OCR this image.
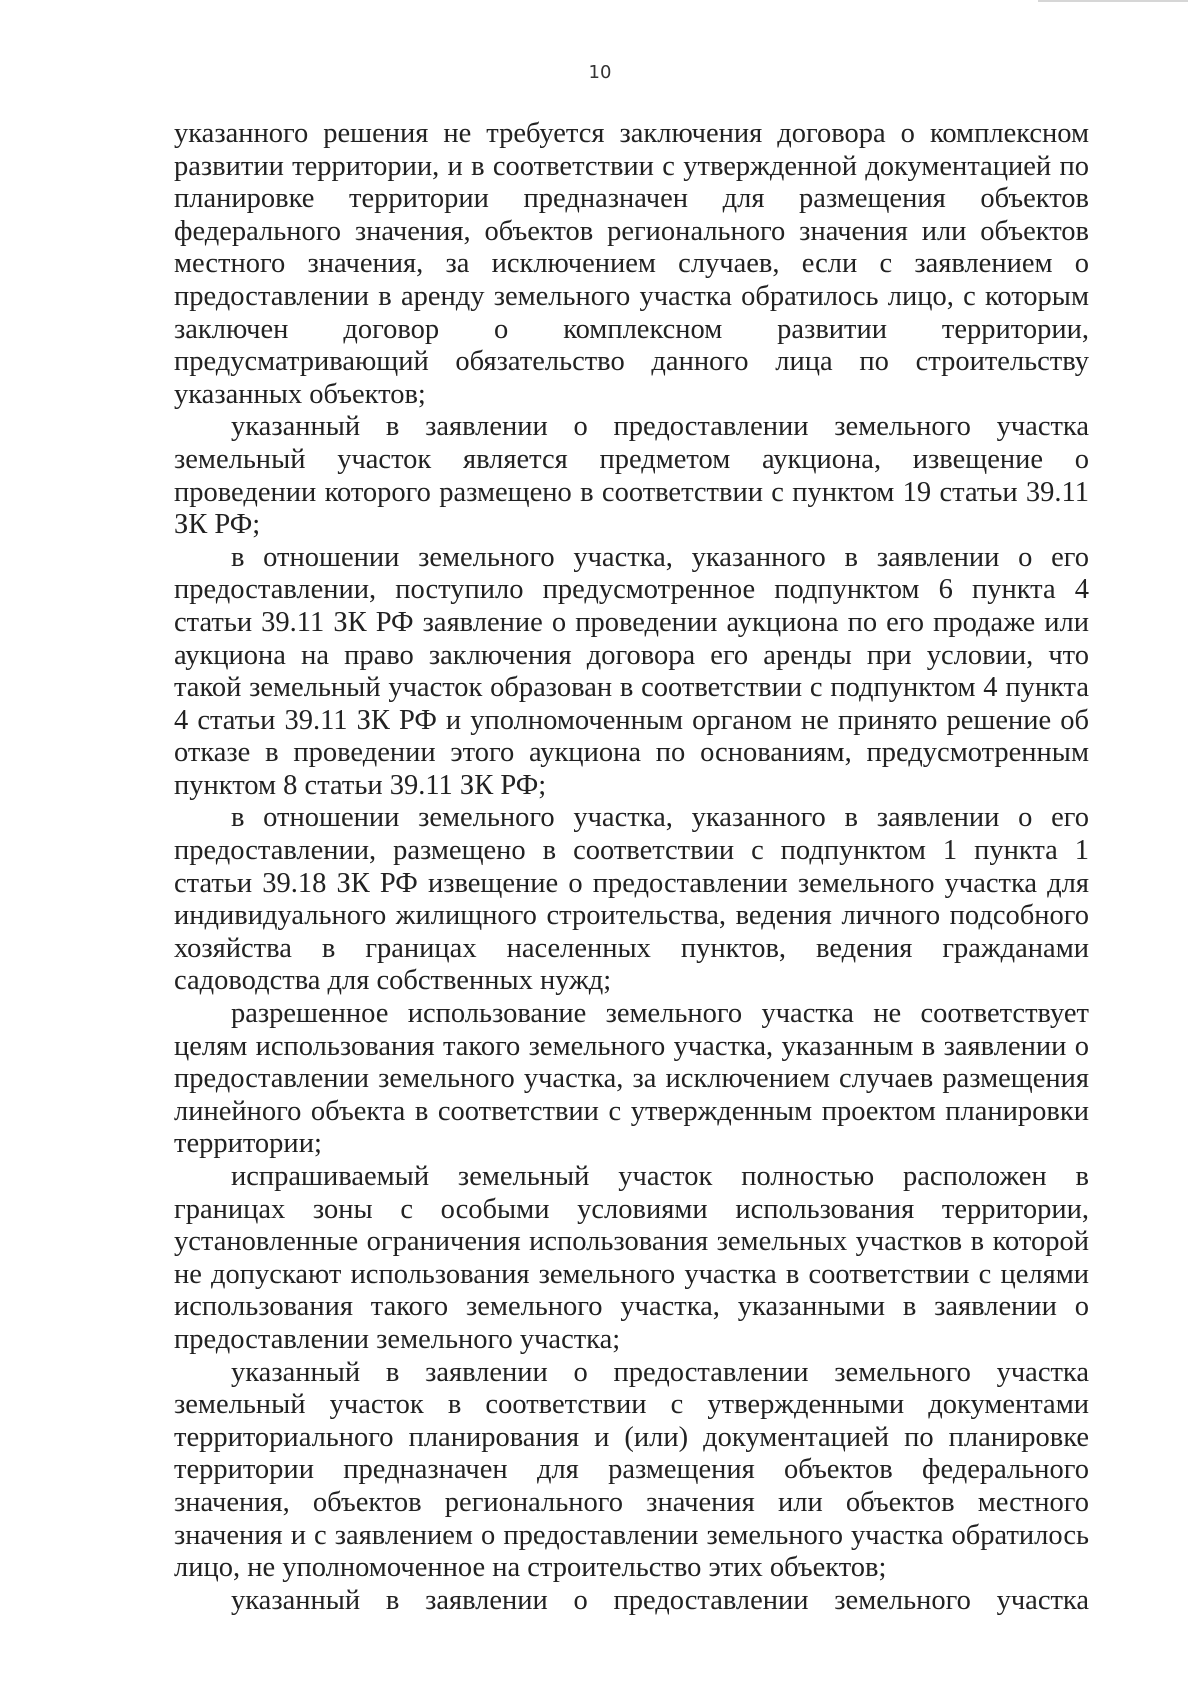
10

указанного решения не требуется заключения договора о комплексном развитии территории, и в соответствии с утвержденной документацией по планировке территории предназначен для размещения объектов федерального значения, объектов регионального значения или объектов местного значения, за исключением случаев, если с заявлением о предоставлении в аренду земельного участка обратилось лицо, с которым заключен договор о комплексном развитии территории, предусматривающий обязательство данного лица по строительству указанных объектов;

указанный в заявлении о предоставлении земельного участка земельный участок является предметом аукциона, извещение о проведении которого размещено в соответствии с пунктом 19 статьи 39.11 ЗК РФ;

в отношении земельного участка, указанного в заявлении о его предоставлении, поступило предусмотренное подпунктом 6 пункта 4 статьи 39.11 ЗК РФ заявление о проведении аукциона по его продаже или аукциона на право заключения договора его аренды при условии, что такой земельный участок образован в соответствии с подпунктом 4 пункта 4 статьи 39.11 ЗК РФ и уполномоченным органом не принято решение об отказе в проведении этого аукциона по основаниям, предусмотренным пунктом 8 статьи 39.11 ЗК РФ;

в отношении земельного участка, указанного в заявлении о его предоставлении, размещено в соответствии с подпунктом 1 пункта 1 статьи 39.18 ЗК РФ извещение о предоставлении земельного участка для индивидуального жилищного строительства, ведения личного подсобного хозяйства в границах населенных пунктов, ведения гражданами садоводства для собственных нужд;

разрешенное использование земельного участка не соответствует целям использования такого земельного участка, указанным в заявлении о предоставлении земельного участка, за исключением случаев размещения линейного объекта в соответствии с утвержденным проектом планировки территории;

испрашиваемый земельный участок полностью расположен в границах зоны с особыми условиями использования территории, установленные ограничения использования земельных участков в которой не допускают использования земельного участка в соответствии с целями использования такого земельного участка, указанными в заявлении о предоставлении земельного участка;

указанный в заявлении о предоставлении земельного участка земельный участок в соответствии с утвержденными документами территориального планирования и (или) документацией по планировке территории предназначен для размещения объектов федерального значения, объектов регионального значения или объектов местного значения и с заявлением о предоставлении земельного участка обратилось лицо, не уполномоченное на строительство этих объектов;

указанный в заявлении о предоставлении земельного участка
